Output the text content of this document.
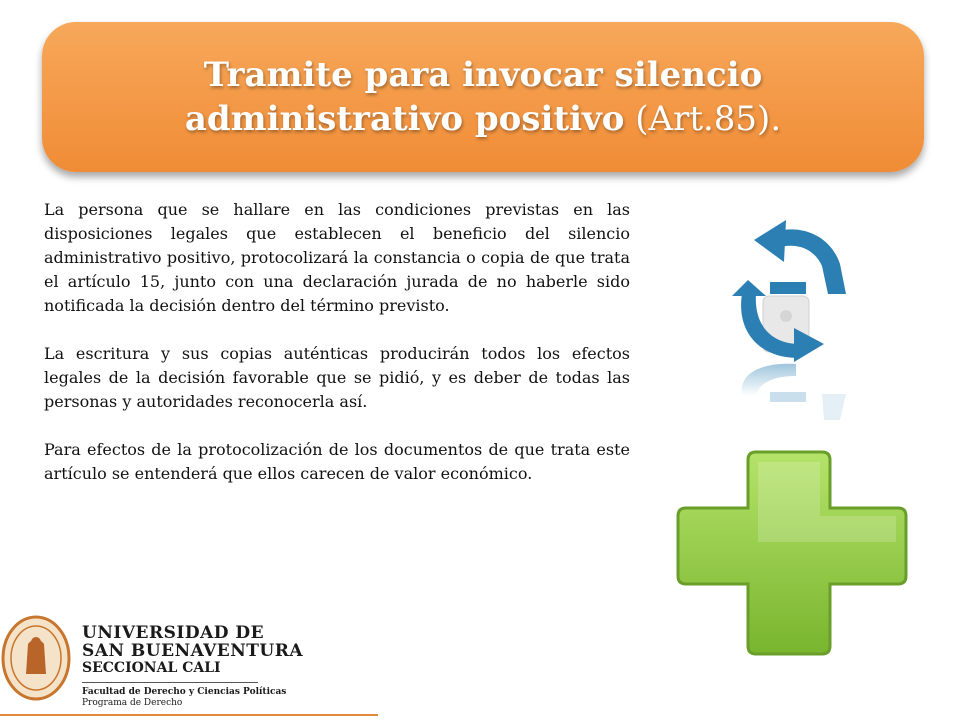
Tramite para invocar silencio
administrativo positivo (Art.85).

La persona que se hallare en las condiciones previstas en las disposiciones legales que establecen el beneficio del silencio administrativo positivo, protocolizará la constancia o copia de que trata el artículo 15, junto con una declaración jurada de no haberle sido notificada la decisión dentro del término previsto.

La escritura y sus copias auténticas producirán todos los efectos legales de la decisión favorable que se pidió, y es deber de todas las personas y autoridades reconocerla así.

Para efectos de la protocolización de los documentos de que trata este artículo se entenderá que ellos carecen de valor económico.

UNIVERSIDAD DE
SAN BUENAVENTURA
SECCIONAL CALI
Facultad de Derecho y Ciencias Políticas
Programa de Derecho
